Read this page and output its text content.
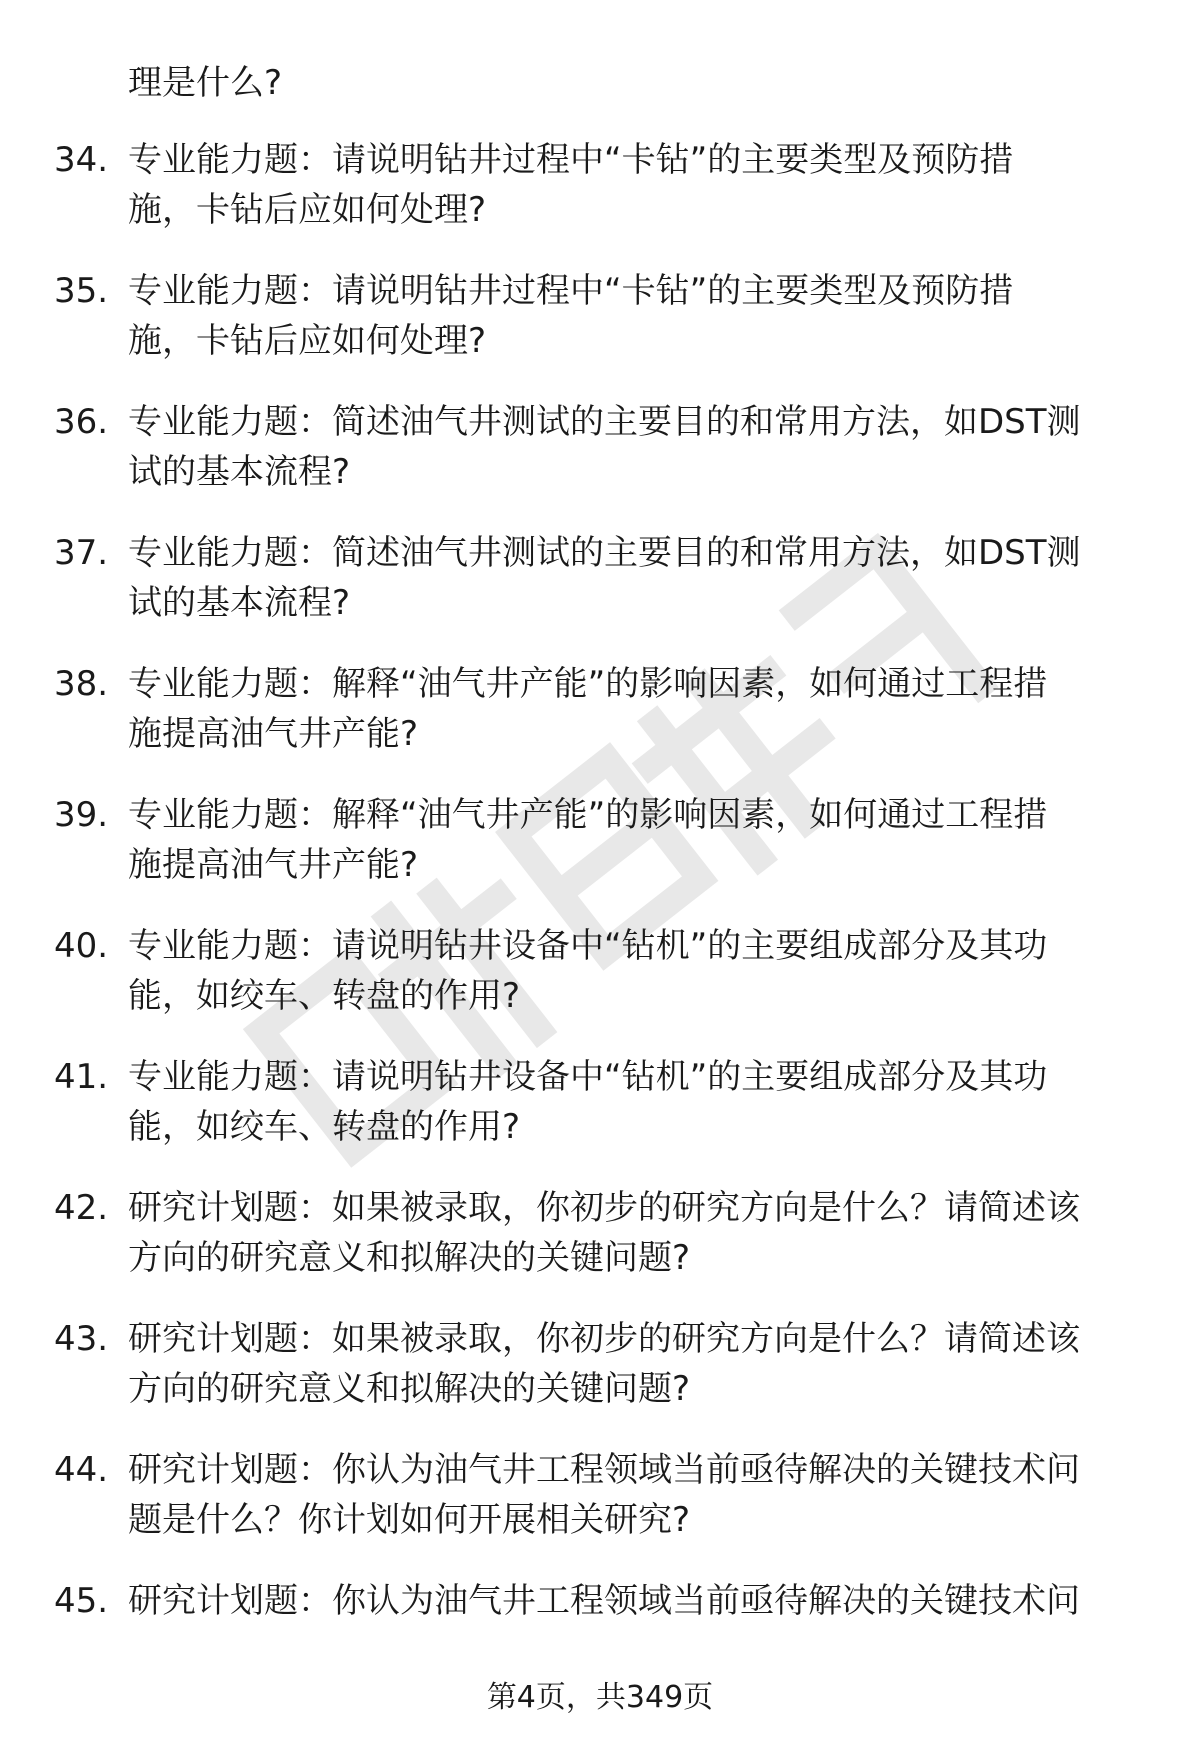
理是什么?
34. 专业能力题：请说明钻井过程中“卡钻”的主要类型及预防措
施，卡钻后应如何处理?
35. 专业能力题：请说明钻井过程中“卡钻”的主要类型及预防措
施，卡钻后应如何处理?
36. 专业能力题：简述油气井测试的主要目的和常用方法，如DST测
试的基本流程?
37. 专业能力题：简述油气井测试的主要目的和常用方法，如DST测
试的基本流程?
38. 专业能力题：解释“油气井产能”的影响因素，如何通过工程措
施提高油气井产能?
39. 专业能力题：解释“油气井产能”的影响因素，如何通过工程措
施提高油气井产能?
40. 专业能力题：请说明钻井设备中“钻机”的主要组成部分及其功
能，如绞车、转盘的作用?
41. 专业能力题：请说明钻井设备中“钻机”的主要组成部分及其功
能，如绞车、转盘的作用?
42. 研究计划题：如果被录取，你初步的研究方向是什么？请简述该
方向的研究意义和拟解决的关键问题?
43. 研究计划题：如果被录取，你初步的研究方向是什么？请简述该
方向的研究意义和拟解决的关键问题?
44. 研究计划题：你认为油气井工程领域当前亟待解决的关键技术问
题是什么？你计划如何开展相关研究?
45. 研究计划题：你认为油气井工程领域当前亟待解决的关键技术问
第4页，共349页
